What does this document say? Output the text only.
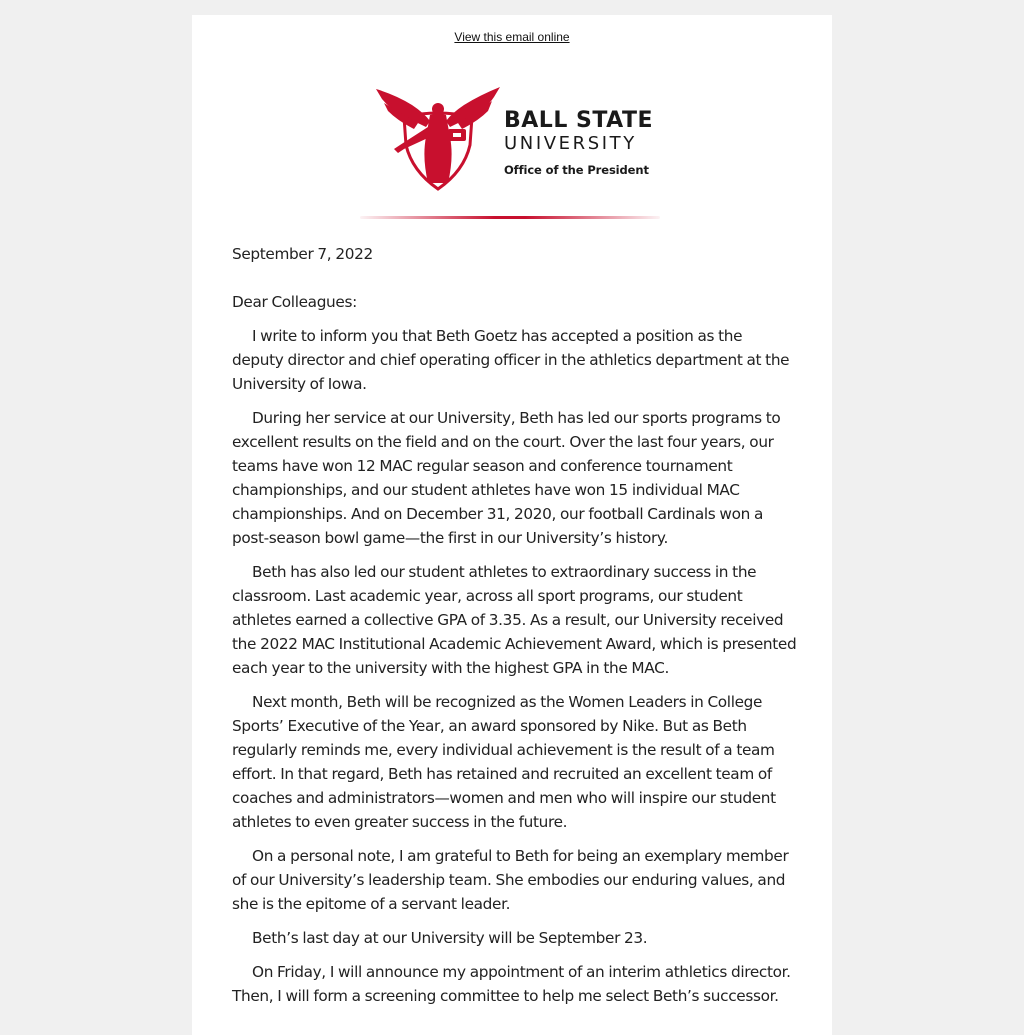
View this email online
BALL STATE
UNIVERSITY
Office of the President

September 7, 2022

Dear Colleagues:

I write to inform you that Beth Goetz has accepted a position as the deputy director and chief operating officer in the athletics department at the University of Iowa.

During her service at our University, Beth has led our sports programs to excellent results on the field and on the court. Over the last four years, our teams have won 12 MAC regular season and conference tournament championships, and our student athletes have won 15 individual MAC championships. And on December 31, 2020, our football Cardinals won a post-season bowl game—the first in our University’s history.

Beth has also led our student athletes to extraordinary success in the classroom. Last academic year, across all sport programs, our student athletes earned a collective GPA of 3.35. As a result, our University received the 2022 MAC Institutional Academic Achievement Award, which is presented each year to the university with the highest GPA in the MAC.

Next month, Beth will be recognized as the Women Leaders in College Sports’ Executive of the Year, an award sponsored by Nike. But as Beth regularly reminds me, every individual achievement is the result of a team effort. In that regard, Beth has retained and recruited an excellent team of coaches and administrators—women and men who will inspire our student athletes to even greater success in the future.

On a personal note, I am grateful to Beth for being an exemplary member of our University’s leadership team. She embodies our enduring values, and she is the epitome of a servant leader.

Beth’s last day at our University will be September 23.

On Friday, I will announce my appointment of an interim athletics director. Then, I will form a screening committee to help me select Beth’s successor.
